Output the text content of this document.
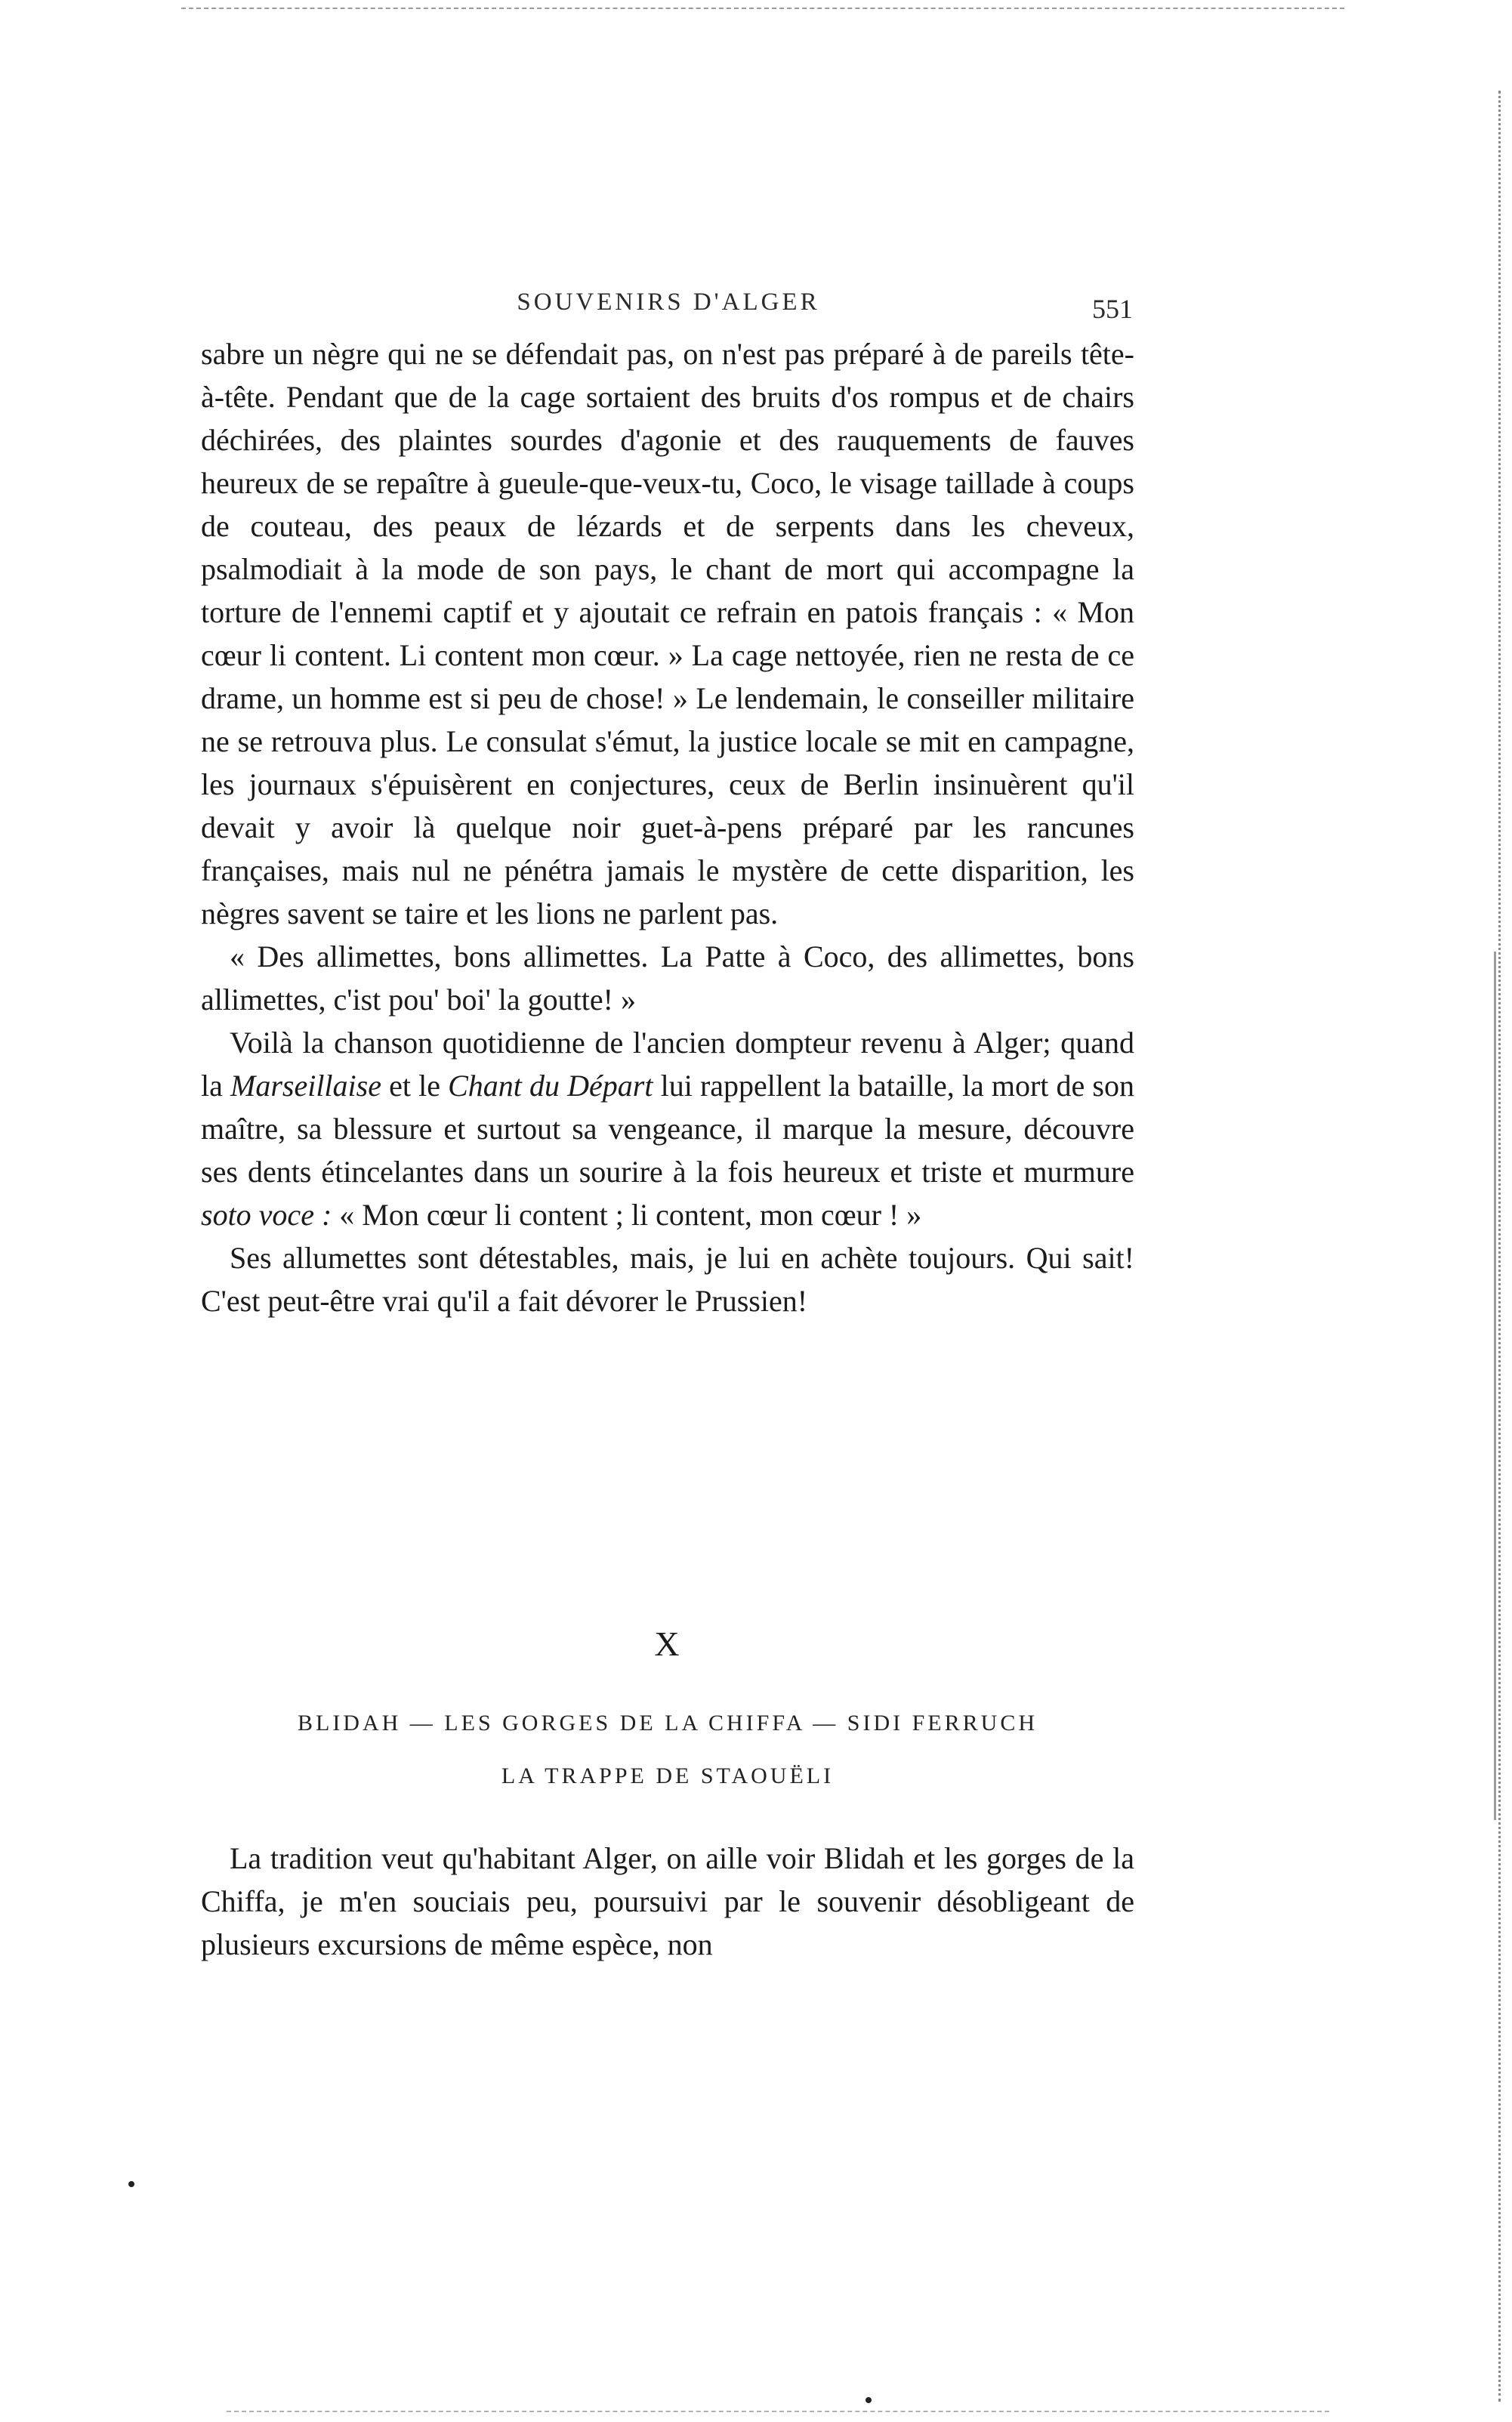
SOUVENIRS D'ALGER	551

sabre un nègre qui ne se défendait pas, on n'est pas préparé à de pareils tête-à-tête. Pendant que de la cage sortaient des bruits d'os rompus et de chairs déchirées, des plaintes sourdes d'agonie et des rauquements de fauves heureux de se repaître à gueule-que-veux-tu, Coco, le visage taillade à coups de couteau, des peaux de lézards et de serpents dans les cheveux, psalmodiait à la mode de son pays, le chant de mort qui accompagne la torture de l'ennemi captif et y ajoutait ce refrain en patois français : « Mon cœur li content. Li content mon cœur. » La cage nettoyée, rien ne resta de ce drame, un homme est si peu de chose! » Le lendemain, le conseiller militaire ne se retrouva plus. Le consulat s'émut, la justice locale se mit en campagne, les journaux s'épuisèrent en conjectures, ceux de Berlin insinuèrent qu'il devait y avoir là quelque noir guet-à-pens préparé par les rancunes françaises, mais nul ne pénétra jamais le mystère de cette disparition, les nègres savent se taire et les lions ne parlent pas.

« Des allimettes, bons allimettes. La Patte à Coco, des allimettes, bons allimettes, c'ist pou' boi' la goutte! »

Voilà la chanson quotidienne de l'ancien dompteur revenu à Alger; quand la Marseillaise et le Chant du Départ lui rappellent la bataille, la mort de son maître, sa blessure et surtout sa vengeance, il marque la mesure, découvre ses dents étincelantes dans un sourire à la fois heureux et triste et murmure soto voce : « Mon cœur li content ; li content, mon cœur ! »

Ses allumettes sont détestables, mais, je lui en achète toujours. Qui sait! C'est peut-être vrai qu'il a fait dévorer le Prussien!

X
BLIDAH — LES GORGES DE LA CHIFFA — SIDI FERRUCH
LA TRAPPE DE STAOUËLI

La tradition veut qu'habitant Alger, on aille voir Blidah et les gorges de la Chiffa, je m'en souciais peu, poursuivi par le souvenir désobligeant de plusieurs excursions de même espèce, non
